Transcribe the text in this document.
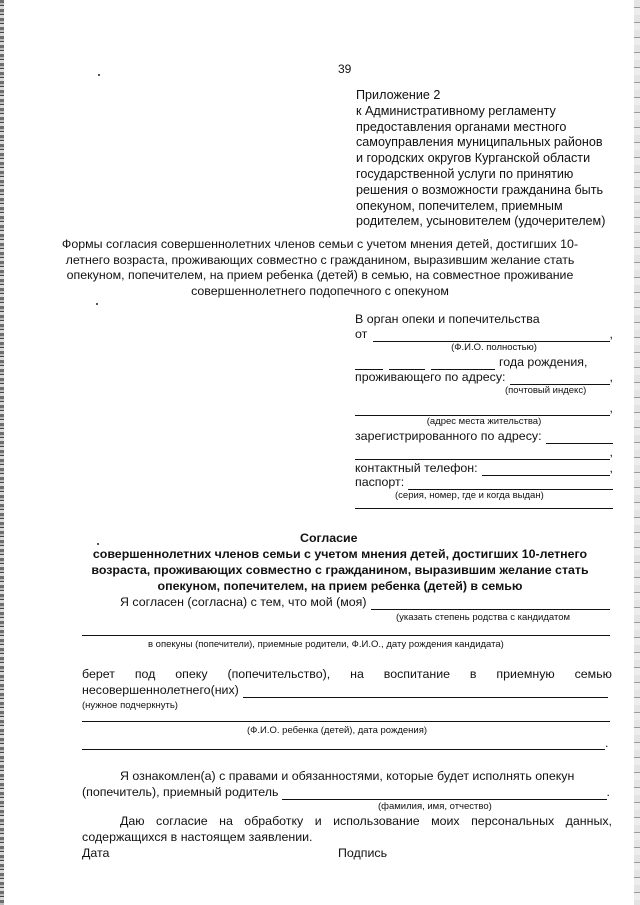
39
Приложение 2
к Административному регламенту
предоставления органами местного
самоуправления муниципальных районов
и городских округов Курганской области
государственной услуги по принятию
решения о возможности гражданина быть
опекуном, попечителем, приемным
родителем, усыновителем (удочерителем)
Формы согласия совершеннолетних членов семьи с учетом мнения детей, достигших 10-летнего возраста, проживающих совместно с гражданином, выразившим желание стать опекуном, попечителем, на прием ребенка (детей) в семью, на совместное проживание совершеннолетнего подопечного с опекуном
В орган опеки и попечительства
от	,
(Ф.И.О. полностью)
года рождения,
проживающего по адресу:	,
(почтовый индекс)
,
(адрес места жительства)
зарегистрированного по адресу:
,
контактный телефон:	,
паспорт:
(серия, номер, где и когда выдан)
Согласие
совершеннолетних членов семьи с учетом мнения детей, достигших 10-летнего возраста, проживающих совместно с гражданином, выразившим желание стать опекуном, попечителем, на прием ребенка (детей) в семью
Я согласен (согласна) с тем, что мой (моя)
(указать степень родства с кандидатом
в опекуны (попечители), приемные родители, Ф.И.О., дату рождения кандидата)
берет под опеку (попечительство), на воспитание в приемную семью
несовершеннолетнего(них)
(нужное подчеркнуть)
(Ф.И.О. ребенка (детей), дата рождения)
.
Я ознакомлен(а) с правами и обязанностями, которые будет исполнять опекун
(попечитель), приемный родитель	.
(фамилия, имя, отчество)
Даю согласие на обработку и использование моих персональных данных,
содержащихся в настоящем заявлении.
Дата	Подпись
